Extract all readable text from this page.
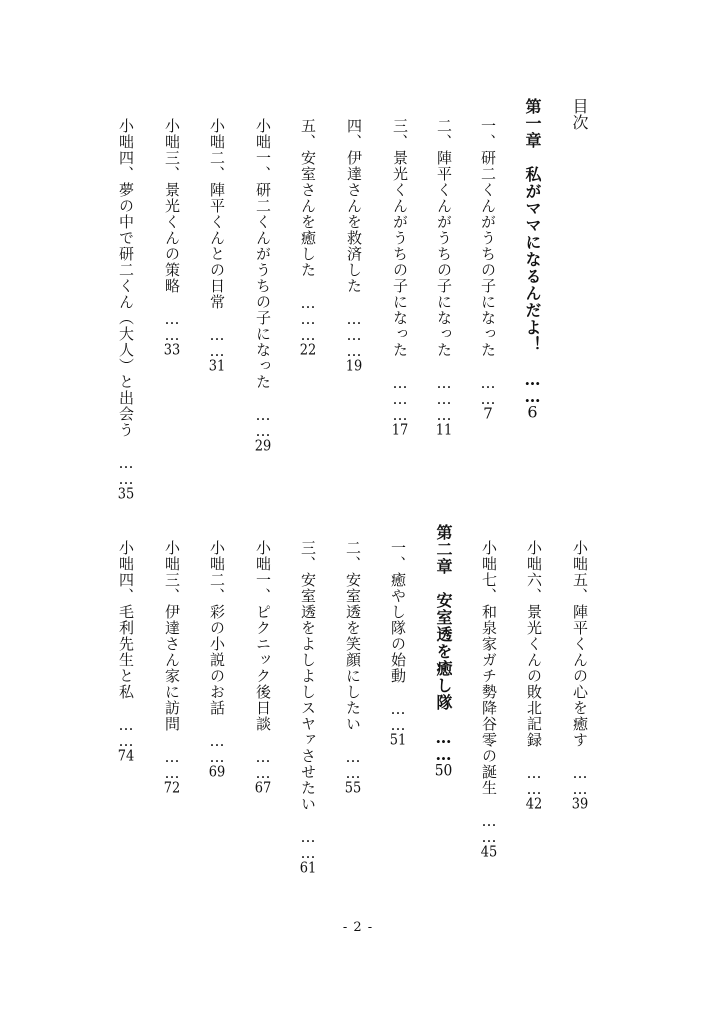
目次
第一章　私がママになるんだよ！　……6
一、研二くんがうちの子になった　……7
二、陣平くんがうちの子になった　………11
三、景光くんがうちの子になった　………17
四、伊達さんを救済した　………19
五、安室さんを癒した　………22
小咄一、研二くんがうちの子になった　……29
小咄二、陣平くんとの日常　……31
小咄三、景光くんの策略　……33
小咄四、夢の中で研二くん（大人）と出会う　……35
小咄五、陣平くんの心を癒す　……39
小咄六、景光くんの敗北記録　……42
小咄七、和泉家ガチ勢降谷零の誕生　……45
第二章　安室透を癒し隊　……50
一、癒やし隊の始動　……51
二、安室透を笑顔にしたい　……55
三、安室透をよしよしスヤァさせたい　……61
小咄一、ピクニック後日談　……67
小咄二、彩の小説のお話　……69
小咄三、伊達さん家に訪問　……72
小咄四、毛利先生と私　……74
- 2 -
